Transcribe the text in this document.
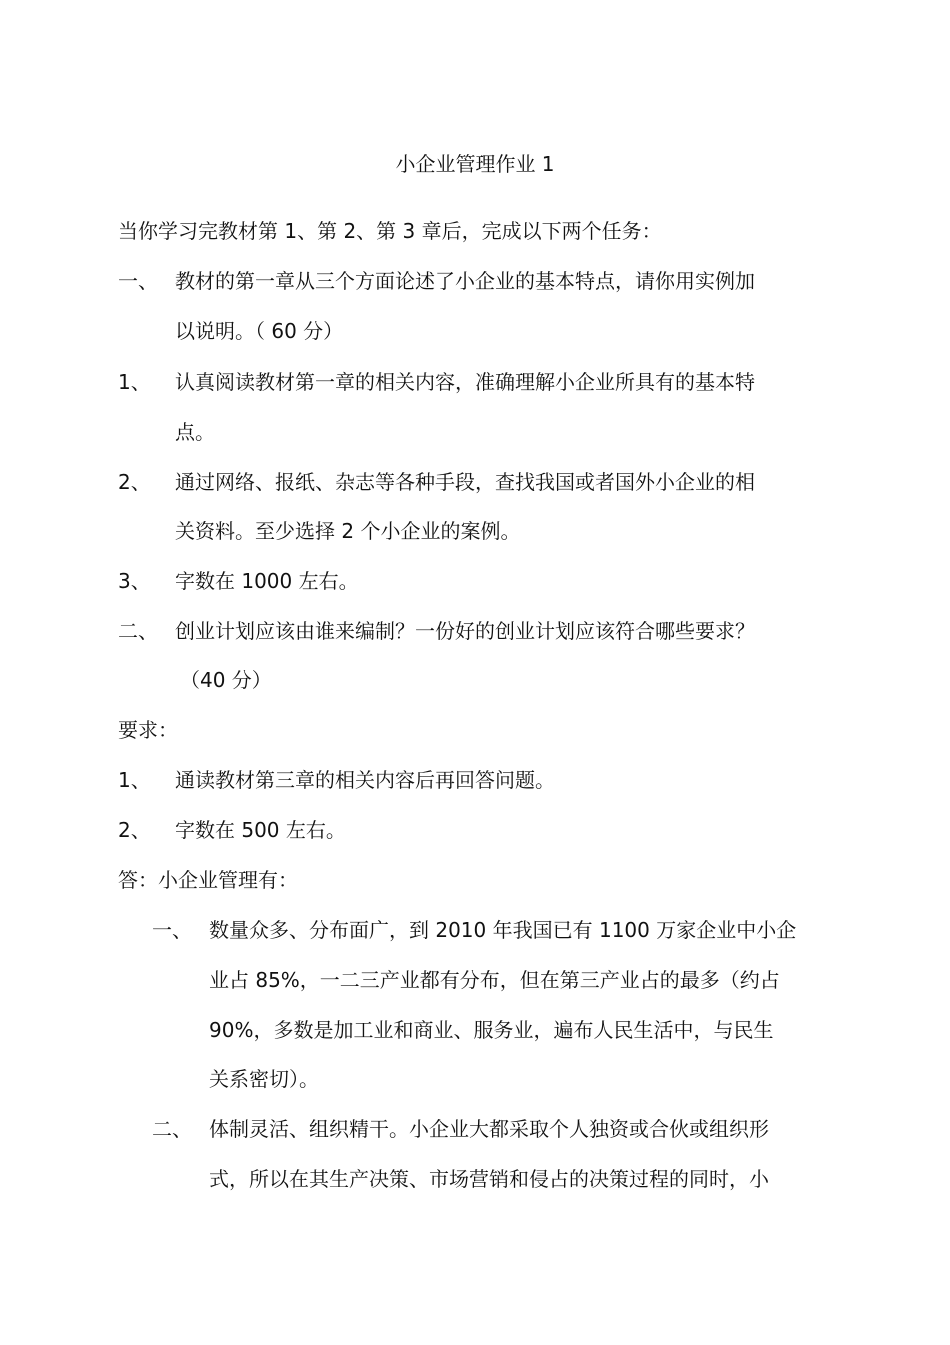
小企业管理作业 1
当你学习完教材第 1、第 2、第 3 章后，完成以下两个任务：
一、 教材的第一章从三个方面论述了小企业的基本特点，请你用实例加
以说明。（ 60 分）
1、 认真阅读教材第一章的相关内容，准确理解小企业所具有的基本特
点。
2、 通过网络、报纸、杂志等各种手段，查找我国或者国外小企业的相
关资料。至少选择 2 个小企业的案例。
3、 字数在 1000 左右。
二、 创业计划应该由谁来编制？一份好的创业计划应该符合哪些要求？
（40 分）
要求：
1、 通读教材第三章的相关内容后再回答问题。
2、 字数在 500 左右。
答：小企业管理有：
一、 数量众多、分布面广，到 2010 年我国已有 1100 万家企业中小企
业占 85%，一二三产业都有分布，但在第三产业占的最多（约占
90%，多数是加工业和商业、服务业，遍布人民生活中，与民生
关系密切）。
二、 体制灵活、组织精干。小企业大都采取个人独资或合伙或组织形
式，所以在其生产决策、市场营销和侵占的决策过程的同时，小
